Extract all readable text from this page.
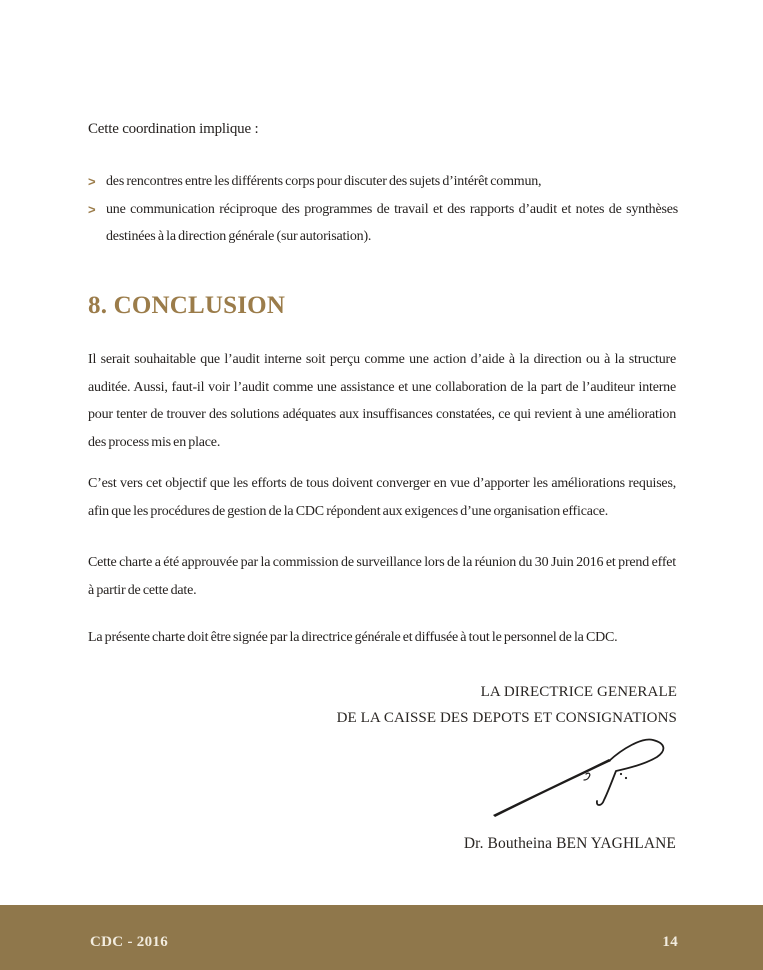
Cette coordination implique :

> des rencontres entre les différents corps pour discuter des sujets d’intérêt commun,
> une communication réciproque des programmes de travail et des rapports d’audit et notes de synthèses destinées à la direction générale (sur autorisation).
8. CONCLUSION

Il serait souhaitable que l’audit interne soit perçu comme une action d’aide à la direction ou à la structure auditée. Aussi, faut-il voir l’audit comme une assistance et une collaboration de la part de l’auditeur interne pour tenter de trouver des solutions adéquates aux insuffisances constatées, ce qui revient à une amélioration des process mis en place.

C’est vers cet objectif que les efforts de tous doivent converger en vue d’apporter les améliorations requises, afin que les procédures de gestion de la CDC répondent aux exigences d’une organisation efficace.

Cette charte a été approuvée par la commission de surveillance lors de la réunion du 30 Juin 2016 et prend effet à partir de cette date.

La présente charte doit être signée par la directrice générale et diffusée à tout le personnel de la CDC.

LA DIRECTRICE GENERALE
DE LA CAISSE DES DEPOTS ET CONSIGNATIONS

Dr. Boutheina BEN YAGHLANE

CDC - 2016	14
